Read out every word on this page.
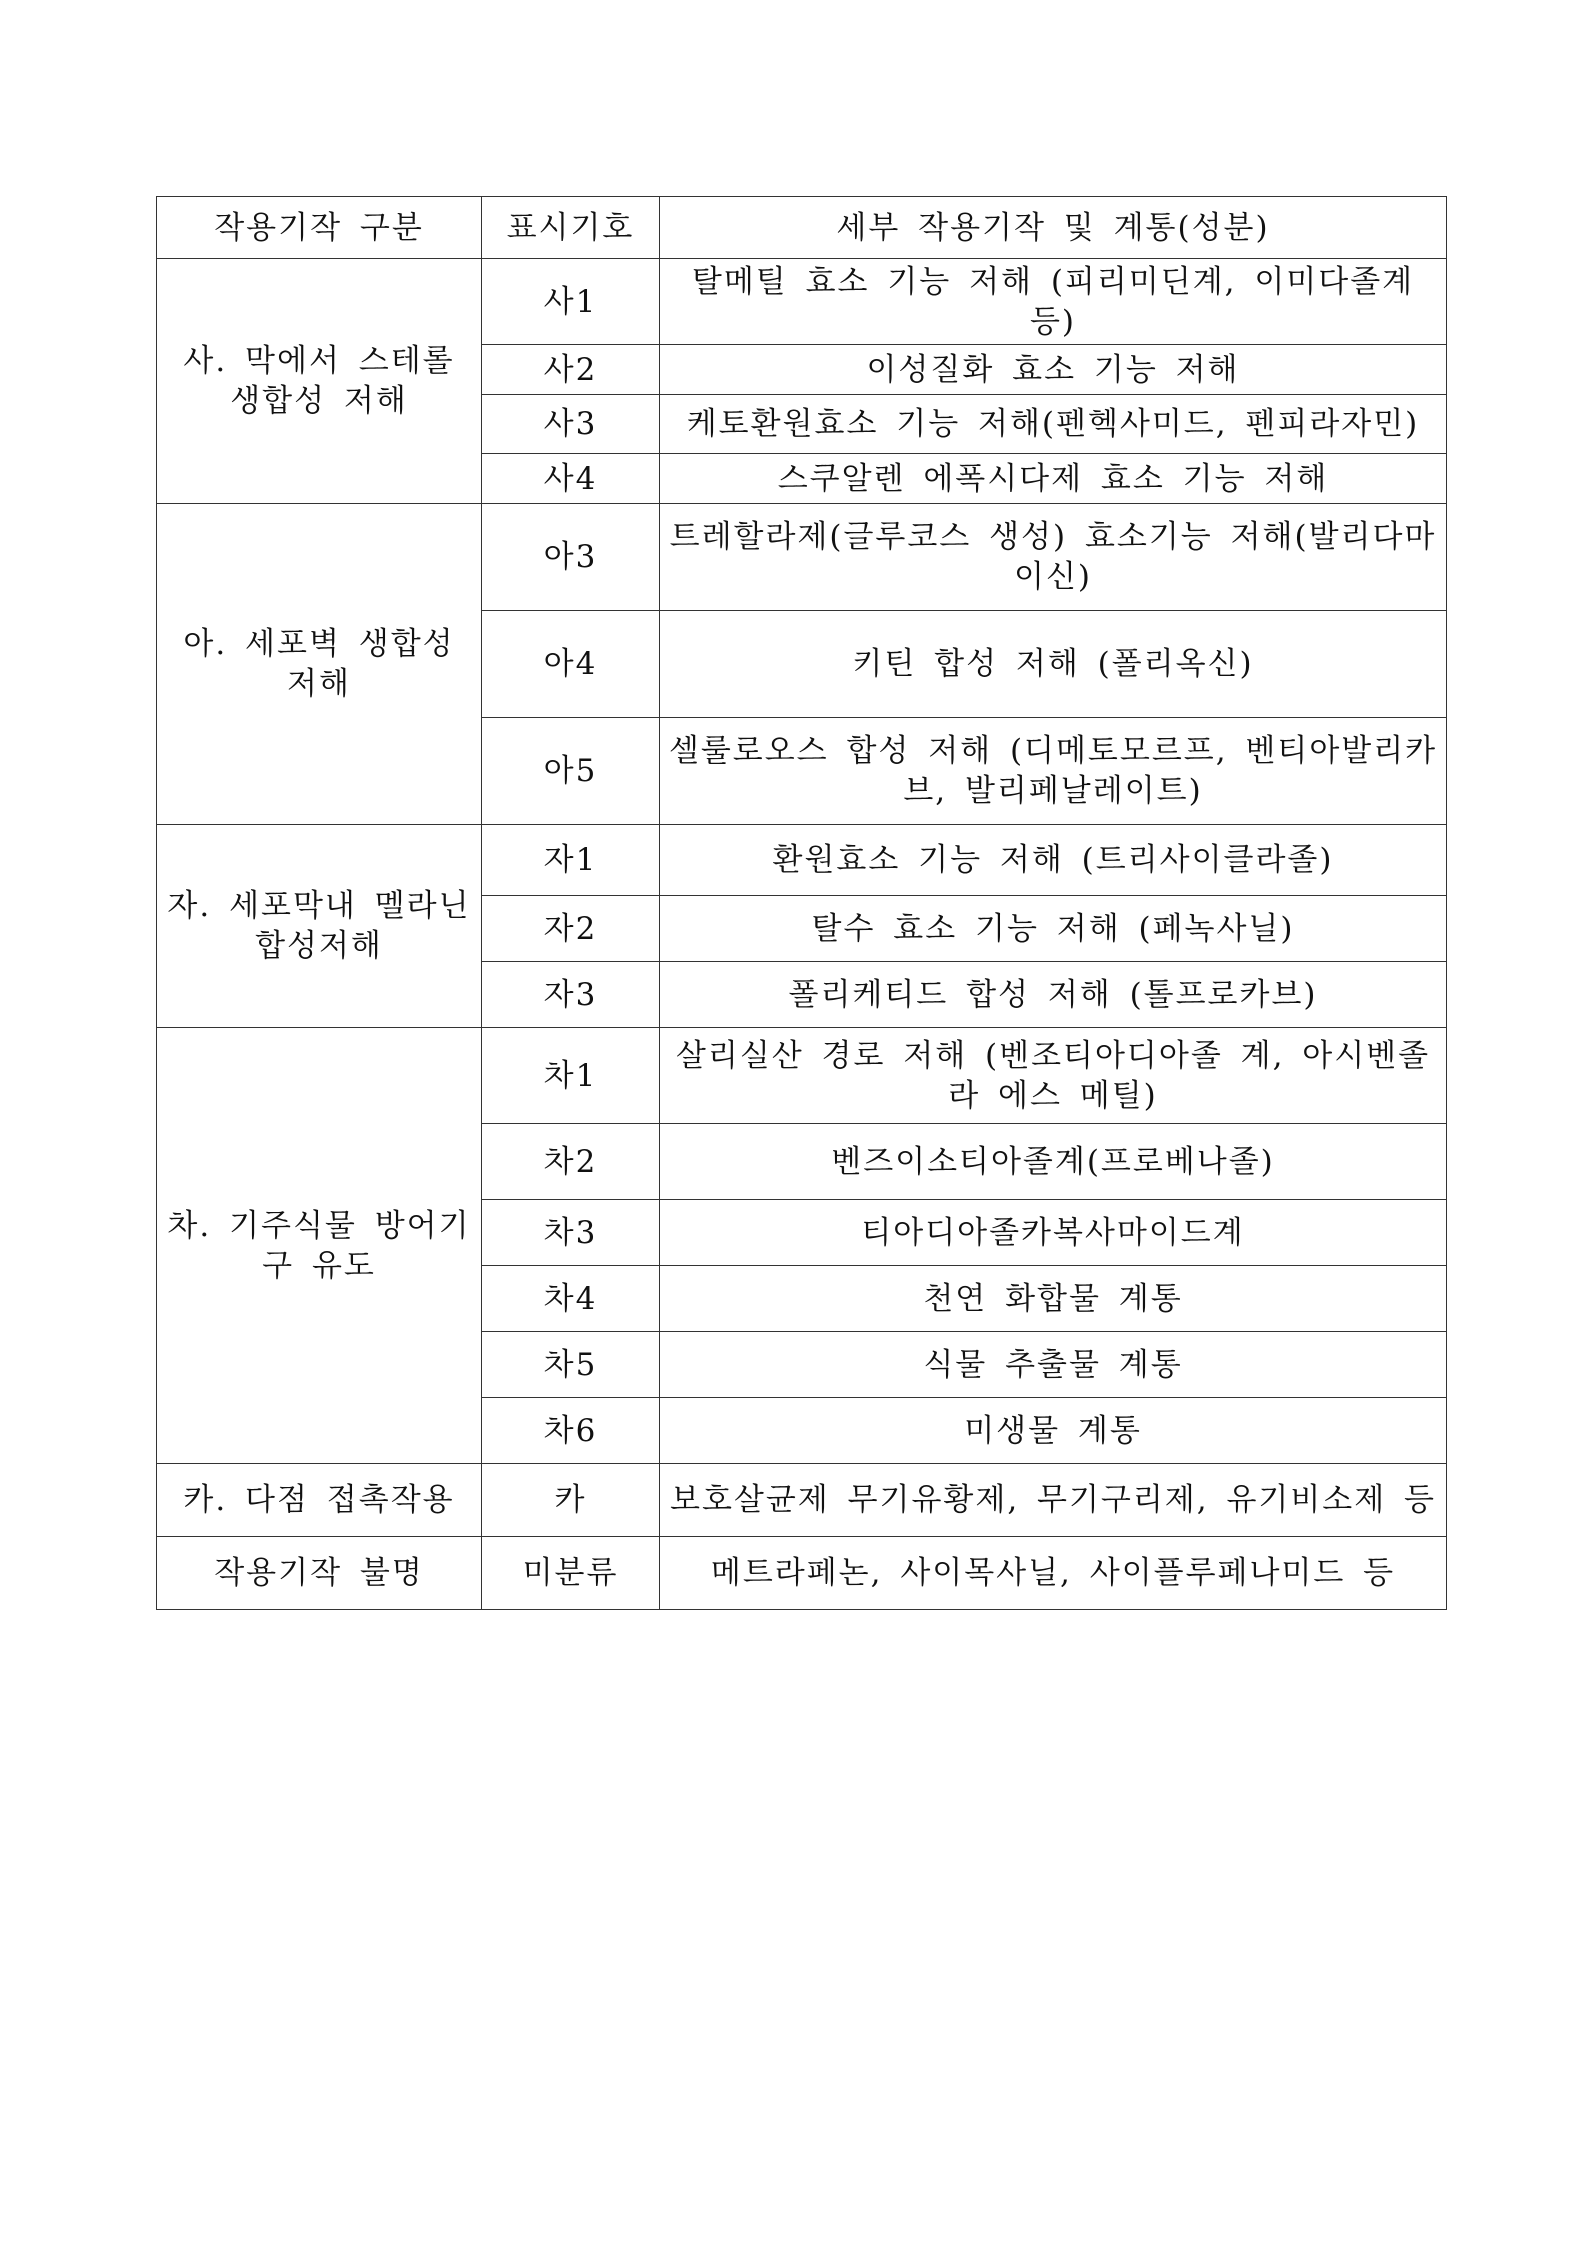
작용기작 구분	표시기호	세부 작용기작 및 계통(성분)
사. 막에서 스테롤 생합성 저해	사1	탈메틸 효소 기능 저해 (피리미딘계, 이미다졸계 등)
	사2	이성질화 효소 기능 저해
	사3	케토환원효소 기능 저해(펜헥사미드, 펜피라자민)
	사4	스쿠알렌 에폭시다제 효소 기능 저해
아. 세포벽 생합성 저해	아3	트레할라제(글루코스 생성) 효소기능 저해(발리다마이신)
	아4	키틴 합성 저해 (폴리옥신)
	아5	셀룰로오스 합성 저해 (디메토모르프, 벤티아발리카브, 발리페날레이트)
자. 세포막내 멜라닌 합성저해	자1	환원효소 기능 저해 (트리사이클라졸)
	자2	탈수 효소 기능 저해 (페녹사닐)
	자3	폴리케티드 합성 저해 (톨프로카브)
차. 기주식물 방어기구 유도	차1	살리실산 경로 저해 (벤조티아디아졸 계, 아시벤졸라 에스 메틸)
	차2	벤즈이소티아졸계(프로베나졸)
	차3	티아디아졸카복사마이드계
	차4	천연 화합물 계통
	차5	식물 추출물 계통
	차6	미생물 계통
카. 다점 접촉작용	카	보호살균제 무기유황제, 무기구리제, 유기비소제 등
작용기작 불명	미분류	메트라페논, 사이목사닐, 사이플루페나미드 등
